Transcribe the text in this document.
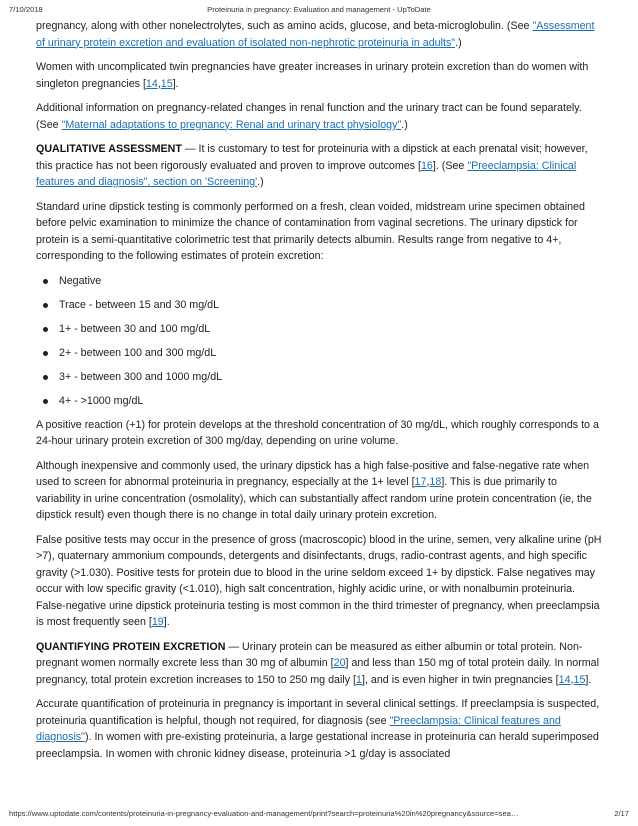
7/10/2018	Proteinuria in pregnancy: Evaluation and management - UpToDate

pregnancy, along with other nonelectrolytes, such as amino acids, glucose, and beta-microglobulin. (See "Assessment of urinary protein excretion and evaluation of isolated non-nephrotic proteinuria in adults".)

Women with uncomplicated twin pregnancies have greater increases in urinary protein excretion than do women with singleton pregnancies [14,15].

Additional information on pregnancy-related changes in renal function and the urinary tract can be found separately. (See "Maternal adaptations to pregnancy: Renal and urinary tract physiology".)

QUALITATIVE ASSESSMENT — It is customary to test for proteinuria with a dipstick at each prenatal visit; however, this practice has not been rigorously evaluated and proven to improve outcomes [16]. (See "Preeclampsia: Clinical features and diagnosis", section on 'Screening'.)

Standard urine dipstick testing is commonly performed on a fresh, clean voided, midstream urine specimen obtained before pelvic examination to minimize the chance of contamination from vaginal secretions. The urinary dipstick for protein is a semi-quantitative colorimetric test that primarily detects albumin. Results range from negative to 4+, corresponding to the following estimates of protein excretion:

Negative
Trace - between 15 and 30 mg/dL
1+ - between 30 and 100 mg/dL
2+ - between 100 and 300 mg/dL
3+ - between 300 and 1000 mg/dL
4+ - >1000 mg/dL

A positive reaction (+1) for protein develops at the threshold concentration of 30 mg/dL, which roughly corresponds to a 24-hour urinary protein excretion of 300 mg/day, depending on urine volume.

Although inexpensive and commonly used, the urinary dipstick has a high false-positive and false-negative rate when used to screen for abnormal proteinuria in pregnancy, especially at the 1+ level [17,18]. This is due primarily to variability in urine concentration (osmolality), which can substantially affect random urine protein concentration (ie, the dipstick result) even though there is no change in total daily urinary protein excretion.

False positive tests may occur in the presence of gross (macroscopic) blood in the urine, semen, very alkaline urine (pH >7), quaternary ammonium compounds, detergents and disinfectants, drugs, radio-contrast agents, and high specific gravity (>1.030). Positive tests for protein due to blood in the urine seldom exceed 1+ by dipstick. False negatives may occur with low specific gravity (<1.010), high salt concentration, highly acidic urine, or with nonalbumin proteinuria. False-negative urine dipstick proteinuria testing is most common in the third trimester of pregnancy, when preeclampsia is most frequently seen [19].

QUANTIFYING PROTEIN EXCRETION — Urinary protein can be measured as either albumin or total protein. Non-pregnant women normally excrete less than 30 mg of albumin [20] and less than 150 mg of total protein daily. In normal pregnancy, total protein excretion increases to 150 to 250 mg daily [1], and is even higher in twin pregnancies [14,15].

Accurate quantification of proteinuria in pregnancy is important in several clinical settings. If preeclampsia is suspected, proteinuria quantification is helpful, though not required, for diagnosis (see "Preeclampsia: Clinical features and diagnosis"). In women with pre-existing proteinuria, a large gestational increase in proteinuria can herald superimposed preeclampsia. In women with chronic kidney disease, proteinuria >1 g/day is associated

https://www.uptodate.com/contents/proteinuria-in-pregnancy-evaluation-and-management/print?search=proteinuria%20in%20pregnancy&source=sea…	2/17
